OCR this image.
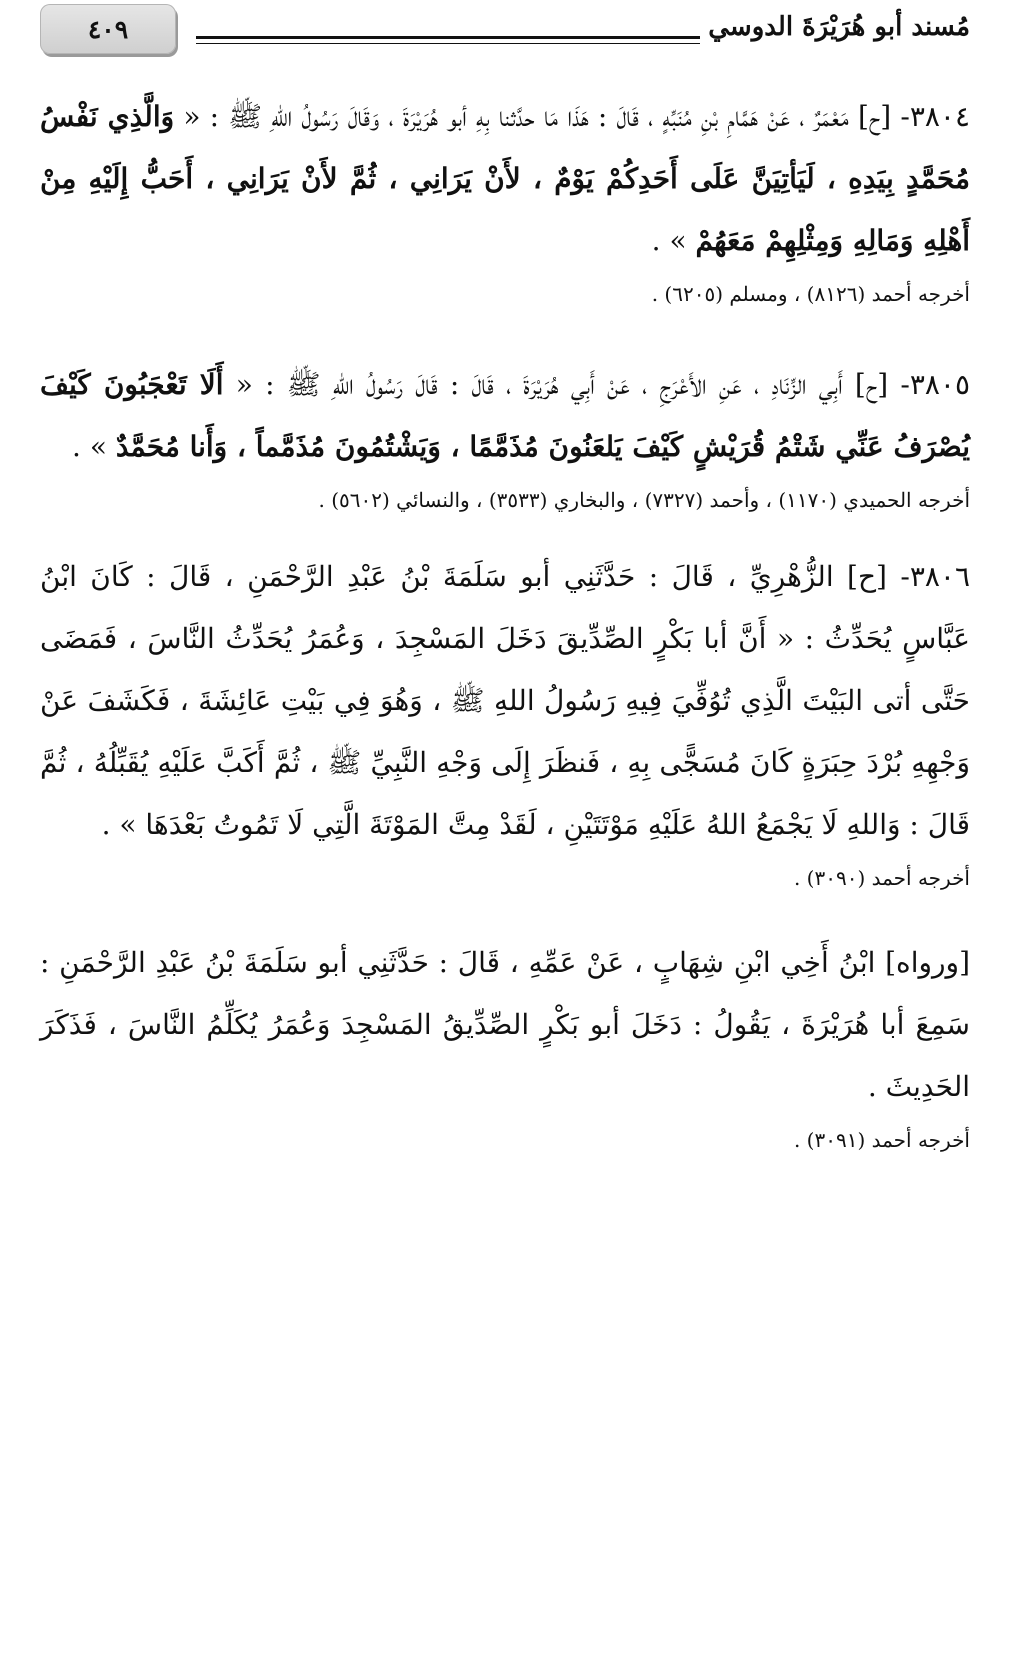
٤٠٩	مُسند أبو هُرَيْرَةَ الدوسي

٣٨٠٤- [ح] مَعْمَرٌ ، عَنْ هَمَّامِ بْنِ مُنَبِّهٍ ، قَالَ : هَذَا مَا حدَّثنا بِهِ أبو هُرَيْرَةَ ، وَقَالَ رَسُولُ اللهِ ﷺ : « وَالَّذِي نَفْسُ مُحَمَّدٍ بِيَدِهِ ، لَيَأتِيَنَّ عَلَى أَحَدِكُمْ يَوْمٌ ، لأَنْ يَرَانِي ، ثُمَّ لأَنْ يَرَانِي ، أَحَبُّ إِلَيْهِ مِنْ أَهْلِهِ وَمَالِهِ وَمِثْلِهِمْ مَعَهُمْ » .

أخرجه أحمد (٨١٢٦) ، ومسلم (٦٢٠٥) .

٣٨٠٥- [ح] أَبِي الزِّنَادِ ، عَنِ الأَعْرَجِ ، عَنْ أَبِي هُرَيْرَةَ ، قَالَ : قَالَ رَسُولُ اللهِ ﷺ : « أَلَا تَعْجَبُونَ كَيْفَ يُصْرَفُ عَنِّي شَتْمُ قُرَيْشٍ كَيْفَ يَلعَنُونَ مُذَمَّمًا ، وَيَشْتُمُونَ مُذَمَّماً ، وَأَنا مُحَمَّدٌ » .

أخرجه الحميدي (١١٧٠) ، وأحمد (٧٣٢٧) ، والبخاري (٣٥٣٣) ، والنسائي (٥٦٠٢) .

٣٨٠٦- [ح] الزُّهْرِيِّ ، قَالَ : حَدَّثَنِي أبو سَلَمَةَ بْنُ عَبْدِ الرَّحْمَنِ ، قَالَ : كَانَ ابْنُ عَبَّاسٍ يُحَدِّثُ : « أَنَّ أبا بَكْرٍ الصِّدِّيقَ دَخَلَ المَسْجِدَ ، وَعُمَرُ يُحَدِّثُ النَّاسَ ، فَمَضَى حَتَّى أتى البَيْتَ الَّذِي تُوُفِّيَ فِيهِ رَسُولُ اللهِ ﷺ ، وَهُوَ فِي بَيْتِ عَائِشَةَ ، فَكَشَفَ عَنْ وَجْهِهِ بُرْدَ حِبَرَةٍ كَانَ مُسَجًّى بِهِ ، فَنظَرَ إِلَى وَجْهِ النَّبِيِّ ﷺ ، ثُمَّ أَكَبَّ عَلَيْهِ يُقَبِّلُهُ ، ثُمَّ قَالَ : وَاللهِ لَا يَجْمَعُ اللهُ عَلَيْهِ مَوْتَتَيْنِ ، لَقَدْ مِتَّ المَوْتَةَ الَّتِي لَا تَمُوتُ بَعْدَهَا » .

أخرجه أحمد (٣٠٩٠) .

[ورواه] ابْنُ أَخِي ابْنِ شِهَابٍ ، عَنْ عَمِّهِ ، قَالَ : حَدَّثَنِي أبو سَلَمَةَ بْنُ عَبْدِ الرَّحْمَنِ : سَمِعَ أبا هُرَيْرَةَ ، يَقُولُ : دَخَلَ أبو بَكْرٍ الصِّدِّيقُ المَسْجِدَ وَعُمَرُ يُكَلِّمُ النَّاسَ ، فَذَكَرَ الحَدِيثَ .

أخرجه أحمد (٣٠٩١) .
